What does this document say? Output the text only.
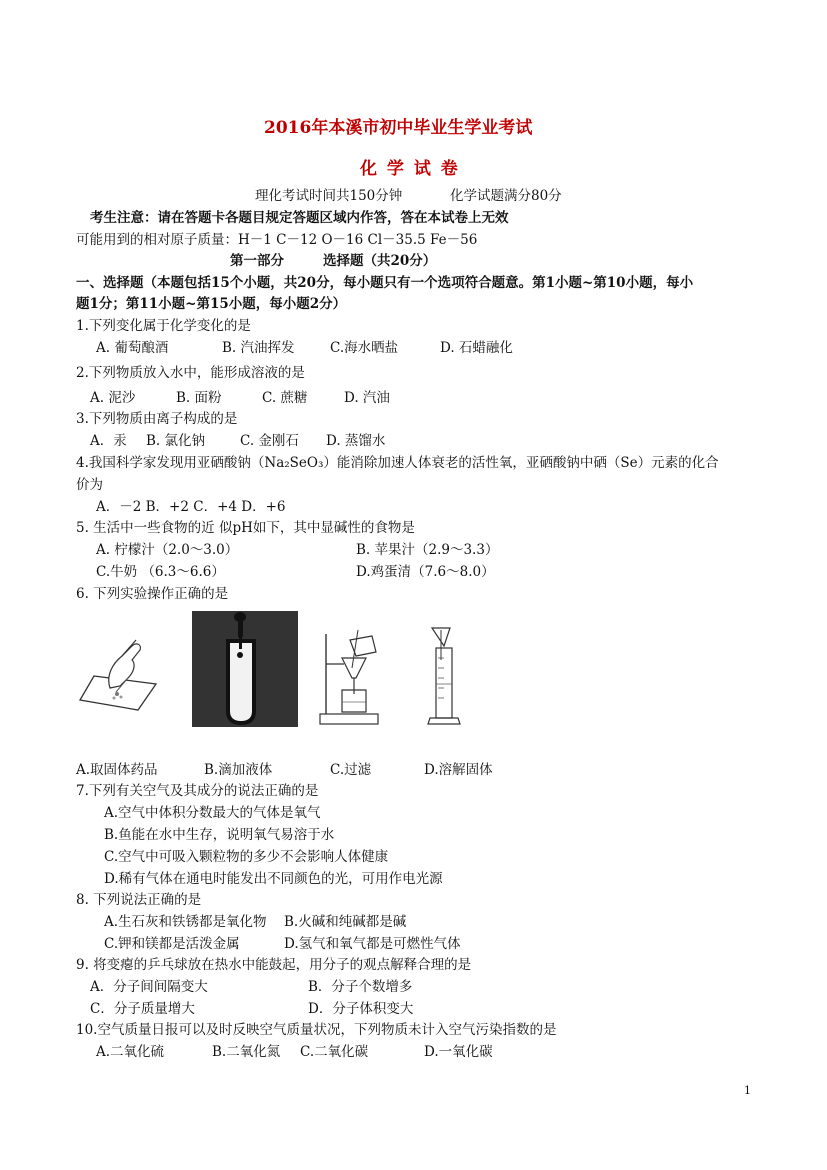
2016年本溪市初中毕业生学业考试
化 学 试 卷
理化考试时间共150分钟	化学试题满分80分
考生注意：请在答题卡各题目规定答题区域内作答，答在本试卷上无效
可能用到的相对原子质量：H－1 C－12 O－16 Cl－35.5 Fe－56
第一部分	选择题（共20分）
一、选择题（本题包括15个小题，共20分，每小题只有一个选项符合题意。第1小题~第10小题，每小
题1分；第11小题~第15小题，每小题2分）
1.下列变化属于化学变化的是
A. 葡萄酿酒	B. 汽油挥发	C.海水晒盐	D. 石蜡融化
2.下列物质放入水中，能形成溶液的是
A. 泥沙	B. 面粉	C. 蔗糖	D. 汽油
3.下列物质由离子构成的是
A．汞 B. 氯化钠	C. 金刚石 D. 蒸馏水
4.我国科学家发现用亚硒酸钠（Na₂SeO₃）能消除加速人体衰老的活性氧，亚硒酸钠中硒（Se）元素的化合
价为
A．－2 B．+2 C．+4 D．+6
5. 生活中一些食物的近 似pH如下，其中显碱性的食物是
A. 柠檬汁（2.0～3.0）	B. 苹果汁（2.9～3.3）
C.牛奶 （6.3～6.6）	D.鸡蛋清（7.6～8.0）
6. 下列实验操作正确的是
A.取固体药品	B.滴加液体	C.过滤	D.溶解固体
7.下列有关空气及其成分的说法正确的是
A.空气中体积分数最大的气体是氧气
B.鱼能在水中生存，说明氧气易溶于水
C.空气中可吸入颗粒物的多少不会影响人体健康
D.稀有气体在通电时能发出不同颜色的光，可用作电光源
8. 下列说法正确的是
A.生石灰和铁锈都是氧化物 B.火碱和纯碱都是碱
C.钾和镁都是活泼金属	D.氢气和氧气都是可燃性气体
9. 将变瘪的乒乓球放在热水中能鼓起，用分子的观点解释合理的是
A．分子间间隔变大	B．分子个数增多
C．分子质量增大	D．分子体积变大
10.空气质量日报可以及时反映空气质量状况，下列物质未计入空气污染指数的是
A.二氧化硫	B.二氧化氮 C.二氧化碳	D.一氧化碳
1
